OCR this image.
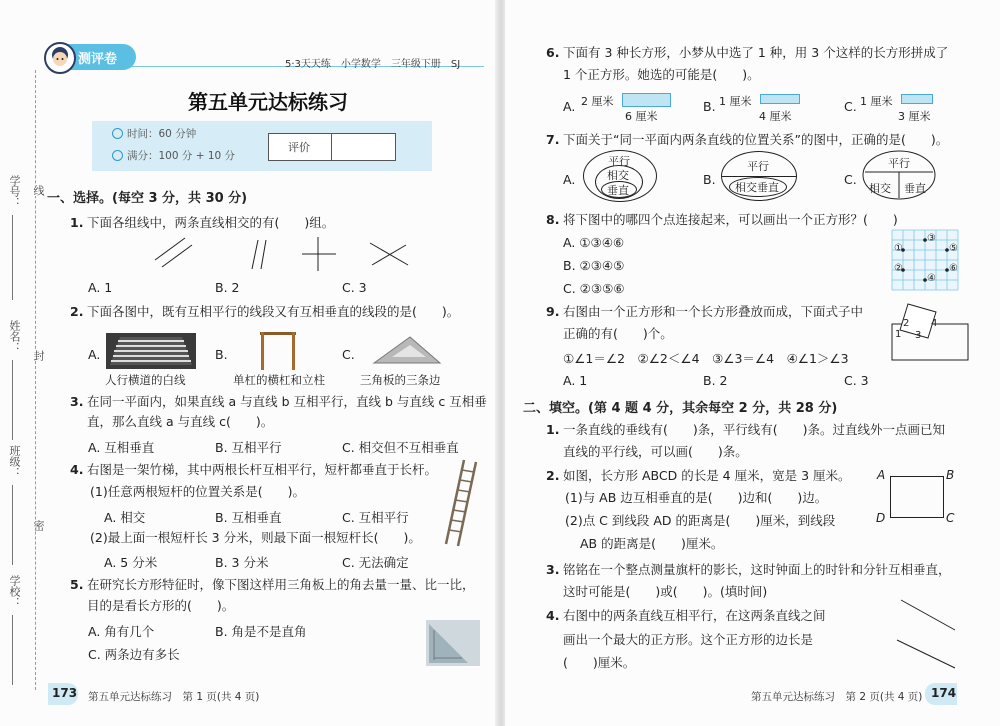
学号： 线
姓名：
封
班级：
密
学校：
测评卷	5·3天天练　小学数学　三年级下册　SJ
第五单元达标练习
时间：60 分钟
满分：100 分 + 10 分
评价
一、选择。(每空 3 分，共 30 分)
1. 下面各组线中，两条直线相交的有(　　)组。
A. 1	B. 2	C. 3
2. 下面各图中，既有互相平行的线段又有互相垂直的线段的是(　　)。
A.
人行横道的白线
B.
单杠的横杠和立柱
C.
三角板的三条边
3. 在同一平面内，如果直线 a 与直线 b 互相平行，直线 b 与直线 c 互相垂
直，那么直线 a 与直线 c(　　)。
A. 互相垂直	B. 互相平行	C. 相交但不互相垂直
4. 右图是一架竹梯，其中两根长杆互相平行，短杆都垂直于长杆。
(1)任意两根短杆的位置关系是(　　)。
A. 相交	B. 互相垂直	C. 互相平行
(2)最上面一根短杆长 3 分米，则最下面一根短杆长(　　)。
A. 5 分米	B. 3 分米	C. 无法确定
5. 在研究长方形特征时，像下图这样用三角板上的角去量一量、比一比，
目的是看长方形的(　　)。
A. 角有几个	B. 角是不是直角
C. 两条边有多长
173 第五单元达标练习　第 1 页(共 4 页)
6. 下面有 3 种长方形，小梦从中选了 1 种，用 3 个这样的长方形拼成了
1 个正方形。她选的可能是(　　)。
A. 2 厘米
6 厘米
B. 1 厘米
4 厘米
C. 1 厘米
3 厘米
7. 下面关于“同一平面内两条直线的位置关系”的图中，正确的是(　　)。
A.
平行
相交
垂直
B.
平行
相交垂直
C.
平行
相交 垂直
8. 将下图中的哪四个点连接起来，可以画出一个正方形？(　　)
A. ①③④⑥
B. ②③④⑤
C. ②③⑤⑥
①
②
③
④
⑤
⑥
9. 右图由一个正方形和一个长方形叠放而成，下面式子中
正确的有(　　)个。
①∠1＝∠2　②∠2＜∠4　③∠3＝∠4　④∠1＞∠3
A. 1	B. 2	C. 3
1
2
3
4
二、填空。(第 4 题 4 分，其余每空 2 分，共 28 分)
1. 一条直线的垂线有(　　)条，平行线有(　　)条。过直线外一点画已知
直线的平行线，可以画(　　)条。
2. 如图，长方形 ABCD 的长是 4 厘米，宽是 3 厘米。
(1)与 AB 边互相垂直的是(　　)边和(　　)边。
(2)点 C 到线段 AD 的距离是(　　)厘米，到线段
AB 的距离是(　　)厘米。
A	B
D	C
3. 铭铭在一个整点测量旗杆的影长，这时钟面上的时针和分针互相垂直，
这时可能是(　　)或(　　)。(填时间)
4. 右图中的两条直线互相平行，在这两条直线之间
画出一个最大的正方形。这个正方形的边长是
(　　)厘米。
第五单元达标练习　第 2 页(共 4 页) 174
